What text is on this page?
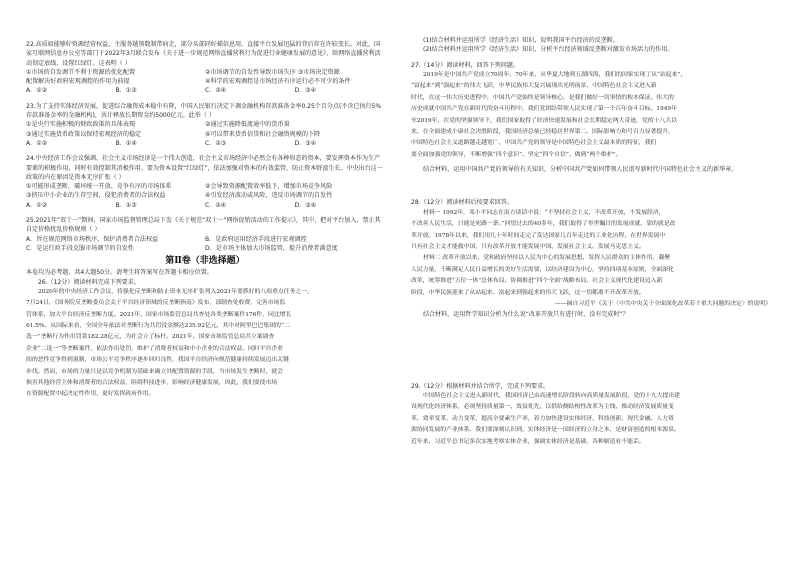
22.高质如能够好资源经营权益，主服务越领数制带病走，部分头部同好描信息用，直接平台发展迅猛的背后存在许较变长。对此，国家互联网信息办公室等部门于2022年3月联合发布《关于进一步规范网络直播营利行为促进行业健康发展的意见》，给网络直播营利活动划定底线，设置红绿灯。这表明（ ）

①市场的自发调节不利于资源的优化配置	②市场调节的自发性导致市场失序 ③市场决定资源
配置解决好政府宏观调控的作用为前提	④科学的宏观调控是市场经济有序运行必不可少的条件
A．①②	B．①③	C．②④	D．③④

23.为了支持实体经济发展，促进综合融资成本稳中有降，中国人民银行决定下调金融机构存款准备金率0.25个百分点(不含已执行5%存款准备金率的金融机构)，共计释放长期资金约5000亿元。此举（ ）

①是央行实施积极的财政政策的具体表现	②通过实施降低流通中的货币量
③通过实施货币政策以保持宏观经济的稳定	④可以带来货币信贷和社会融资规模的下降
A．①②	B．①④	C．②③	D．③④

24.中央经济工作会议强调，社会主义市场经济是一个伟大创造，社会主义市场经济中必然会有各种形态的资本，要发挥资本作为生产要素的积极作用，同时有效控制其消极作用。要为资本设置“红绿灯”，依法加强对资本的有效监管，防止资本野蛮生长。中央出台这一政策的内在原因是资本无序扩张（ ）

①可能形成垄断，破坏统一开放、竞争有序的市场体系	②会导致资源配置效率低下，增加市场竞争风险
③挤压中小企业的生存空间，侵犯消费者的合法权益	④引发经济波动或风险，违反市场调节的自发性
A．①②	B．①③	C．②④	D．③④

25.2021年“双十一”期间，国家市场监督管理总局下发《关于规范“双十一”网络促销活动的工作提示》，其中，把对平台加入，禁止其自定价格扰乱价格规则（ ）

A．旨在规范网络市场秩序，保护消费者合法权益	B．是政府运用经济手段进行宏观调控
C．是运行政手段克服市场调节的自发性	D．是市场主体加大市场监管，提升消费者满意度
第Ⅱ卷（非选择题）

本卷均为必考题，共4大题50分。请考生将答案写在答题卡相应位置。

26.（12分）阅读材料完成下列要求。

2020年的中央经济工作会议，将强化反垄断和防止资本无序扩张列入2021年要抓好的八项重点任务之一。

7月24日，《国务院反垄断委员会关于平台经济领域的反垄断指南》发布，部制查处收费，完善市场监

管体系，加大平台经济反垄断力度。2021年，国家市场监管总局共查处各类垄断案件176件，同比增长

61.5%。从国际来看，全国全年依法对垄断行为共罚没金额达235.92亿元，其中对阿里巴巴集团的“二

选一”垄断行为作出罚款182.28亿元，为社会立了标杆。2021年，国家市场监管总局共立案调查

企业“二选一”等垄断案件，依法作出处罚，维护了消费者权益和中小企业的合法权益，同时平台企业

间的恶性竞争得到遏制，市场公平竞争秩序逐步回归良性，我国平台经济向规范健康持续发展迈出关键

步伐。然而，市场的力量只是以竞争机制为基础来确立其配置资源的手段，当市场发生垄断时，就会

损害其他经营主体和消费者的合法权益，阻碍科技进步，影响经济健康发展，因此，我们要使市场

在资源配置中起决定性作用，更好发挥政府作用。

(1)结合材料并运用所学《经济生活》知识，说明我国平台经济的反垄断。

(2)结合材料并运用所学《经济生活》知识，分析平台经济领域反垄断对激发市场活力的作用。

27.（14分）阅读材料，回答下列问题。

2019年是中国共产党成立70周年，70年来，从华夏大地到五湖四海，我们的国家实现了从“站起来”、

“富起来”到“强起来”的伟大飞跃，中华民族伟大复兴展现出光明前景，中国特色社会主义进入新

时代，在这一伟大历史进程中，中国共产党始终是领导核心，是我们做好一切事情的根本保证。伟大的

历史成就中国共产党在新时代的奋斗历程中，我们党团结带领人民实现了第一个百年奋斗目标。1949年

至2019年，在党的坚强领导下，我们国家取得了经济快速发展和社会长期稳定两大奇迹，党的十八大以

来，在全面建成小康社会决胜阶段，我国经济总量已经稳居世界第二，国际影响力和号召力显著提升，

中国特色社会主义道路越走越宽广，中国共产党的领导是中国特色社会主义最本质的特征，我们

要全面加强党的领导，不断增强“四个意识”、坚定“四个自信”、做到“两个维护”。

结合材料，运用中国共产党的领导的有关知识，分析中国共产党如何带领人民谱写新时代中国特色社会主义的新华章。

28.（12分）阅读材料后按要求回答。

材料一 1992年，邓小平同志在南方谈话中说：“不坚持社会主义，不改革开放，不发展经济，

不改善人民生活，只能是死路一条。”回望过去的40多年，我们取得了举世瞩目的发展成就，靠的就是改

革开放。1978年以来，我们用几十年时间走完了发达国家几百年走过的工业化历程，在世界发展中

只有社会主义才能救中国，只有改革开放才能发展中国、发展社会主义、发展马克思主义。

材料二 改革开放以来，党和政府坚持以人民为中心的发展思想，发挥人民群众的主体作用，凝聚

人民力量，不断满足人民日益增长的美好生活需要，以经济建设为中心，坚持四项基本原则，全面深化

改革，统筹推进“五位一体”总体布局，协调推进“四个全面”战略布局，社会主义现代化建设迈入新

阶段，中华民族迎来了从站起来、富起来到强起来的伟大飞跃，这一切都离不开改革开放。

——摘自习近平《关于〈中共中央关于全面深化改革若干重大问题的决定〉的说明》

结合材料，运用哲学知识分析为什么说“改革开放只有进行时、没有完成时”？

29.（12分）根据材料并结合所学，完成下列要求。

中国特色社会主义进入新时代，我国经济已由高速增长阶段转向高质量发展阶段，党的十九大提出建

设现代化经济体系，必须坚持质量第一、效益优先，以供给侧结构性改革为主线，推动经济发展质量变

革、效率变革、动力变革，提高全要素生产率，着力加快建设实体经济、科技创新、现代金融、人力资

源协同发展的产业体系。我们要深刻认识到，实体经济是一国经济的立身之本，是财富创造的根本源泉。

近年来，习近平总书记多次实地考察实体企业，强调实体经济是基础，各种制造业不能丢。
